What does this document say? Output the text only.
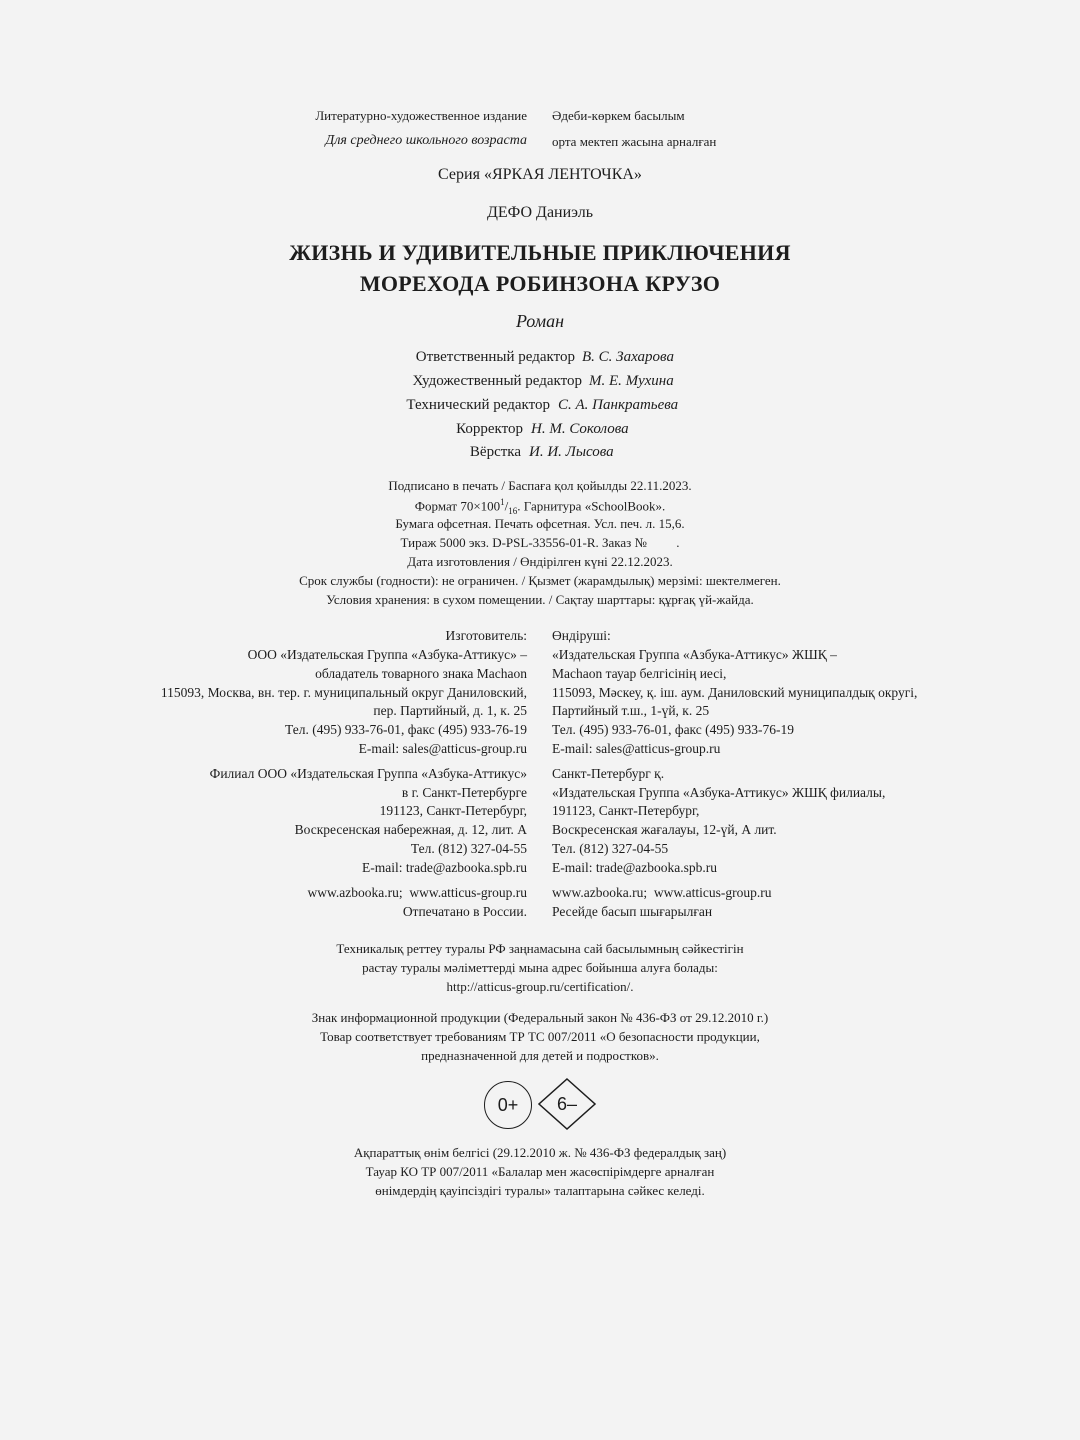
Литературно-художественное издание Әдеби-көркем басылым
Для среднего школьного возраста орта мектеп жасына арналған
Серия «ЯРКАЯ ЛЕНТОЧКА»
ДЕФО Даниэль
ЖИЗНЬ И УДИВИТЕЛЬНЫЕ ПРИКЛЮЧЕНИЯ
МОРЕХОДА РОБИНЗОНА КРУЗО
Роман
Ответственный редактор В. С. Захарова
Художественный редактор М. Е. Мухина
Технический редактор С. А. Панкратьева
Корректор Н. М. Соколова
Вёрстка И. И. Лысова
Подписано в печать / Баспаға қол қойылды 22.11.2023.
Формат $70\times 100^1/_{16}$. Гарнитура «SchoolBook».
Бумага офсетная. Печать офсетная. Усл. печ. л. 15,6.
Тираж 5000 экз. D-PSL-33556-01-R. Заказ №         .
Дата изготовления / Өндірілген күні 22.12.2023.
Срок службы (годности): не ограничен. / Қызмет (жарамдылық) мерзімі: шектелмеген.
Условия хранения: в сухом помещении. / Сақтау шарттары: құрғақ үй-жайда.
Изготовитель: Өндіруші:
ООО «Издательская Группа «Азбука-Аттикус» – «Издательская Группа «Азбука-Аттикус» ЖШҚ –
обладатель товарного знака Machaon Machaon тауар белгісінің иесі,
115093, Москва, вн. тер. г. муниципальный округ Даниловский, 115093, Мәскеу, қ. іш. аум. Даниловский муниципалдық округі,
пер. Партийный, д. 1, к. 25 Партийный т.ш., 1-үй, к. 25
Тел. (495) 933-76-01, факс (495) 933-76-19 Тел. (495) 933-76-01, факс (495) 933-76-19
E-mail: sales@atticus-group.ru E-mail: sales@atticus-group.ru
Филиал ООО «Издательская Группа «Азбука-Аттикус» Санкт-Петербург қ.
в г. Санкт-Петербурге «Издательская Группа «Азбука-Аттикус» ЖШҚ филиалы,
191123, Санкт-Петербург, 191123, Санкт-Петербург,
Воскресенская набережная, д. 12, лит. А Воскресенская жағалауы, 12-үй, А лит.
Тел. (812) 327-04-55 Тел. (812) 327-04-55
E-mail: trade@azbooka.spb.ru E-mail: trade@azbooka.spb.ru
www.azbooka.ru;  www.atticus-group.ru www.azbooka.ru;  www.atticus-group.ru
Отпечатано в России. Ресейде басып шығарылған
Техникалық реттеу туралы РФ заңнамасына сай басылымның сәйкестігін
растау туралы мәліметтерді мына адрес бойынша алуға болады:
http://atticus-group.ru/certification/.
Знак информационной продукции (Федеральный закон № 436-ФЗ от 29.12.2010 г.)
Товар соответствует требованиям ТР ТС 007/2011 «О безопасности продукции,
предназначенной для детей и подростков».
0+	6–
Ақпараттық өнім белгісі (29.12.2010 ж. № 436-ФЗ федералдық заң)
Тауар КО ТР 007/2011 «Балалар мен жасөспірімдерге арналған
өнімдердің қауіпсіздігі туралы» талаптарына сәйкес келеді.
